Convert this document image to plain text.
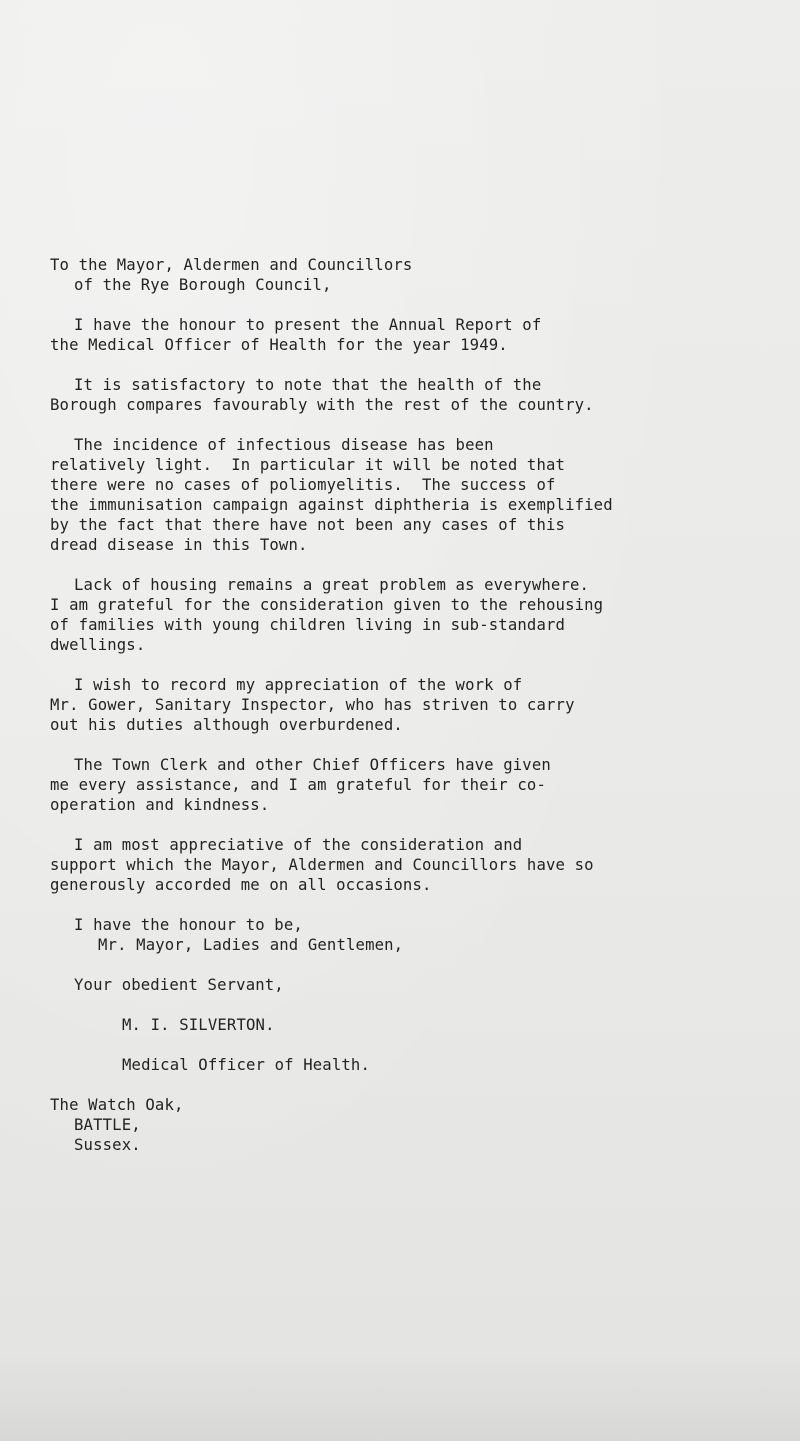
To the Mayor, Aldermen and Councillors
of the Rye Borough Council,
I have the honour to present the Annual Report of
the Medical Officer of Health for the year 1949.
It is satisfactory to note that the health of the
Borough compares favourably with the rest of the country.
The incidence of infectious disease has been
relatively light.  In particular it will be noted that
there were no cases of poliomyelitis.  The success of
the immunisation campaign against diphtheria is exemplified
by the fact that there have not been any cases of this
dread disease in this Town.
Lack of housing remains a great problem as everywhere.
I am grateful for the consideration given to the rehousing
of families with young children living in sub-standard
dwellings.
I wish to record my appreciation of the work of
Mr. Gower, Sanitary Inspector, who has striven to carry
out his duties although overburdened.
The Town Clerk and other Chief Officers have given
me every assistance, and I am grateful for their co-
operation and kindness.
I am most appreciative of the consideration and
support which the Mayor, Aldermen and Councillors have so
generously accorded me on all occasions.
I have the honour to be,
Mr. Mayor, Ladies and Gentlemen,
Your obedient Servant,
M. I. SILVERTON.
Medical Officer of Health.
The Watch Oak,
BATTLE,
Sussex.
